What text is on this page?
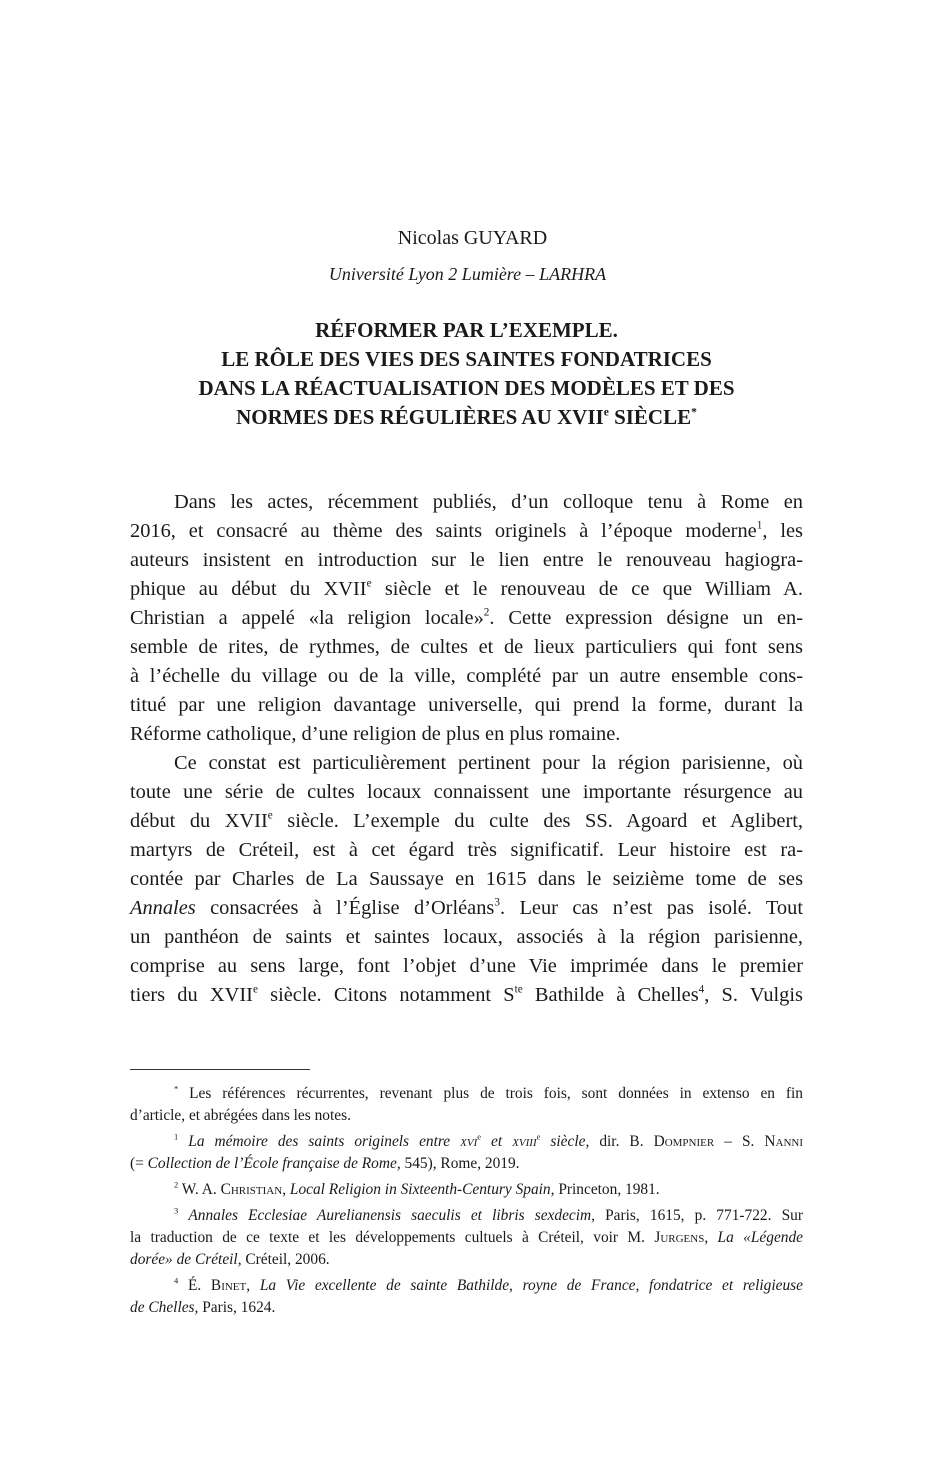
Nicolas GUYARD
Université Lyon 2 Lumière – LARHRA
RÉFORMER PAR L’EXEMPLE.
LE RÔLE DES VIES DES SAINTES FONDATRICES
DANS LA RÉACTUALISATION DES MODÈLES ET DES
NORMES DES RÉGULIÈRES AU XVIIe SIÈCLE*
Dans les actes, récemment publiés, d’un colloque tenu à Rome en
2016, et consacré au thème des saints originels à l’époque moderne$^1$, les
auteurs insistent en introduction sur le lien entre le renouveau hagiogra-
phique au début du XVIIe siècle et le renouveau de ce que William A.
Christian a appelé «la religion locale»$^2$. Cette expression désigne un en-
semble de rites, de rythmes, de cultes et de lieux particuliers qui font sens
à l’échelle du village ou de la ville, complété par un autre ensemble cons-
titué par une religion davantage universelle, qui prend la forme, durant la
Réforme catholique, d’une religion de plus en plus romaine.
Ce constat est particulièrement pertinent pour la région parisienne, où
toute une série de cultes locaux connaissent une importante résurgence au
début du XVIIe siècle. L’exemple du culte des SS. Agoard et Aglibert,
martyrs de Créteil, est à cet égard très significatif. Leur histoire est ra-
contée par Charles de La Saussaye en 1615 dans le seizième tome de ses
Annales consacrées à l’Église d’Orléans$^3$. Leur cas n’est pas isolé. Tout
un panthéon de saints et saintes locaux, associés à la région parisienne,
comprise au sens large, font l’objet d’une Vie imprimée dans le premier
tiers du XVIIe siècle. Citons notamment $S^{te}$ Bathilde à Chelles$^4$, S. Vulgis
* Les références récurrentes, revenant plus de trois fois, sont données in extenso en fin
d’article, et abrégées dans les notes.
$^1$ La mémoire des saints originels entre xvi$^e$ et xviii$^e$ siècle, dir. B. Dompnier – S. Nanni
(= Collection de l’École française de Rome, 545), Rome, 2019.
$^2$ W. A. Christian, Local Religion in Sixteenth-Century Spain, Princeton, 1981.
$^3$ Annales Ecclesiae Aurelianensis saeculis et libris sexdecim, Paris, 1615, p. 771-722. Sur
la traduction de ce texte et les développements cultuels à Créteil, voir M. Jurgens, La «Légende
dorée» de Créteil, Créteil, 2006.
$^4$ É. Binet, La Vie excellente de sainte Bathilde, royne de France, fondatrice et religieuse
de Chelles, Paris, 1624.
